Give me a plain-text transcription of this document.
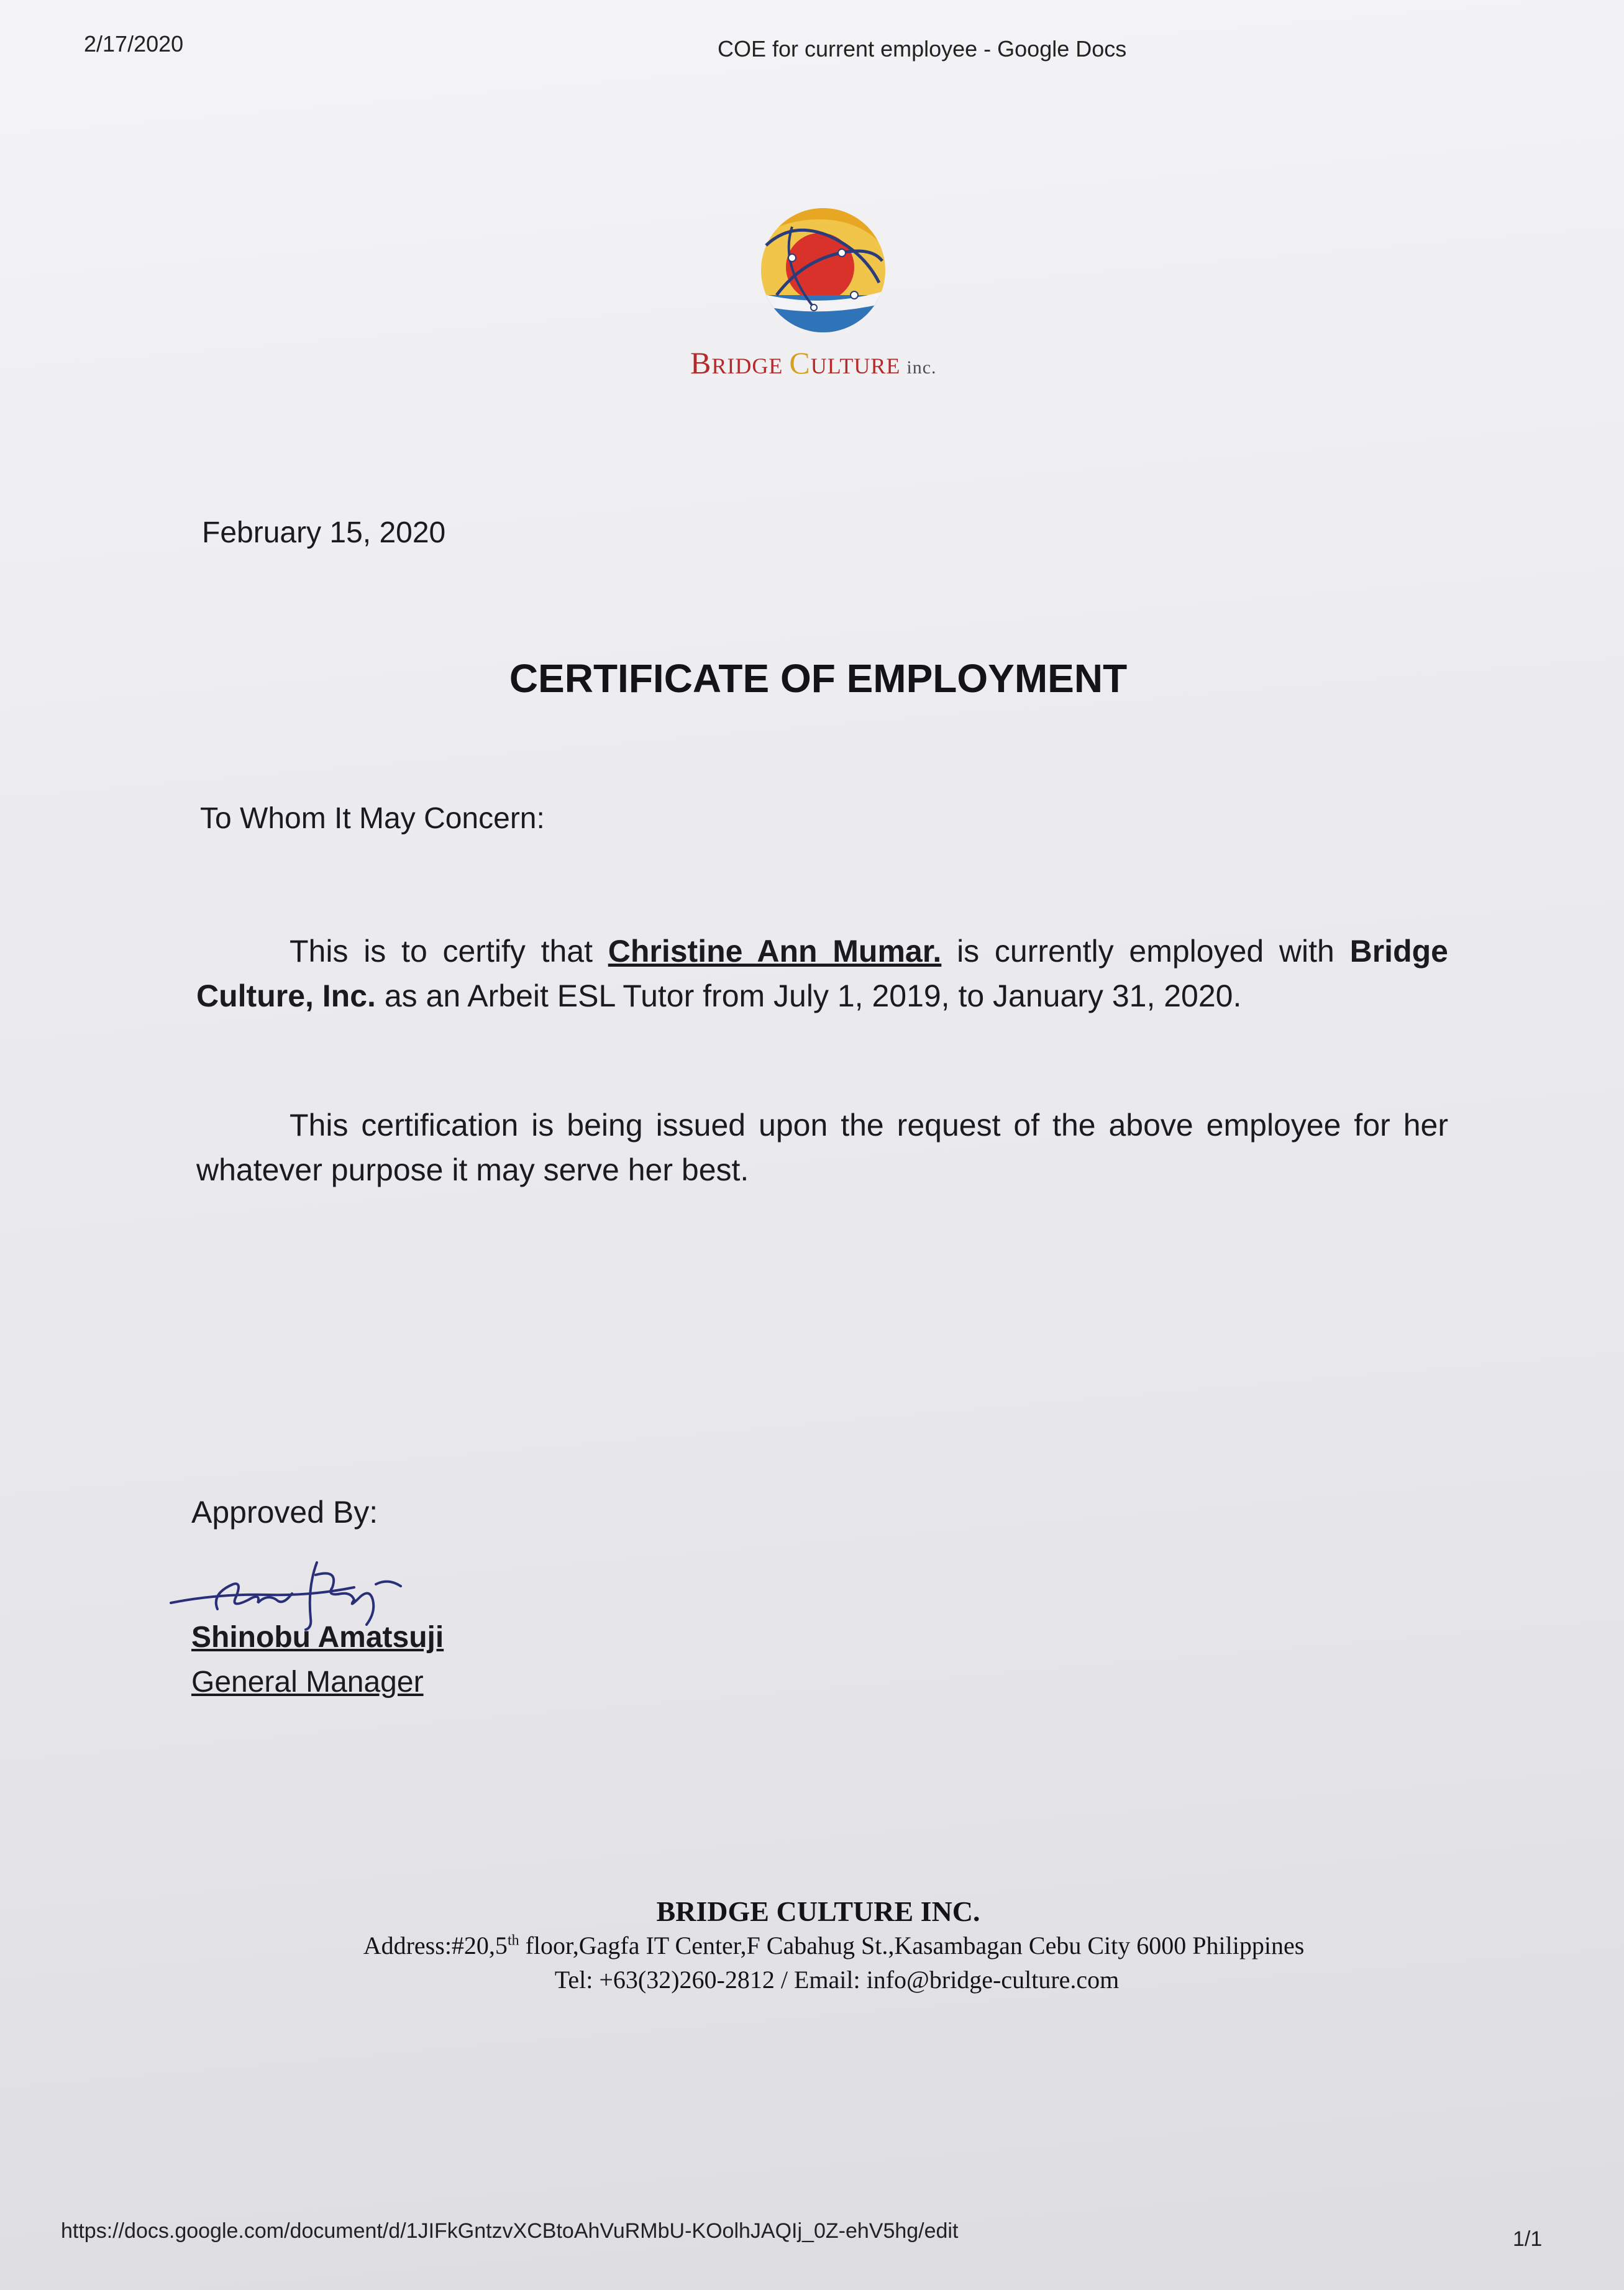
2/17/2020	COE for current employee - Google Docs
BRIDGE CULTURE inc.
February 15, 2020
CERTIFICATE OF EMPLOYMENT
To Whom It May Concern:
This is to certify that Christine Ann Mumar. is currently employed with Bridge Culture, Inc. as an Arbeit ESL Tutor from July 1, 2019, to January 31, 2020.
This certification is being issued upon the request of the above employee for her whatever purpose it may serve her best.
Approved By:
Shinobu Amatsuji
General Manager
BRIDGE CULTURE INC.
Address:#20,5th floor,Gagfa IT Center,F Cabahug St.,Kasambagan Cebu City 6000 Philippines
Tel: +63(32)260-2812 / Email: info@bridge-culture.com
https://docs.google.com/document/d/1JIFkGntzvXCBtoAhVuRMbU-KOolhJAQIj_0Z-ehV5hg/edit	1/1
